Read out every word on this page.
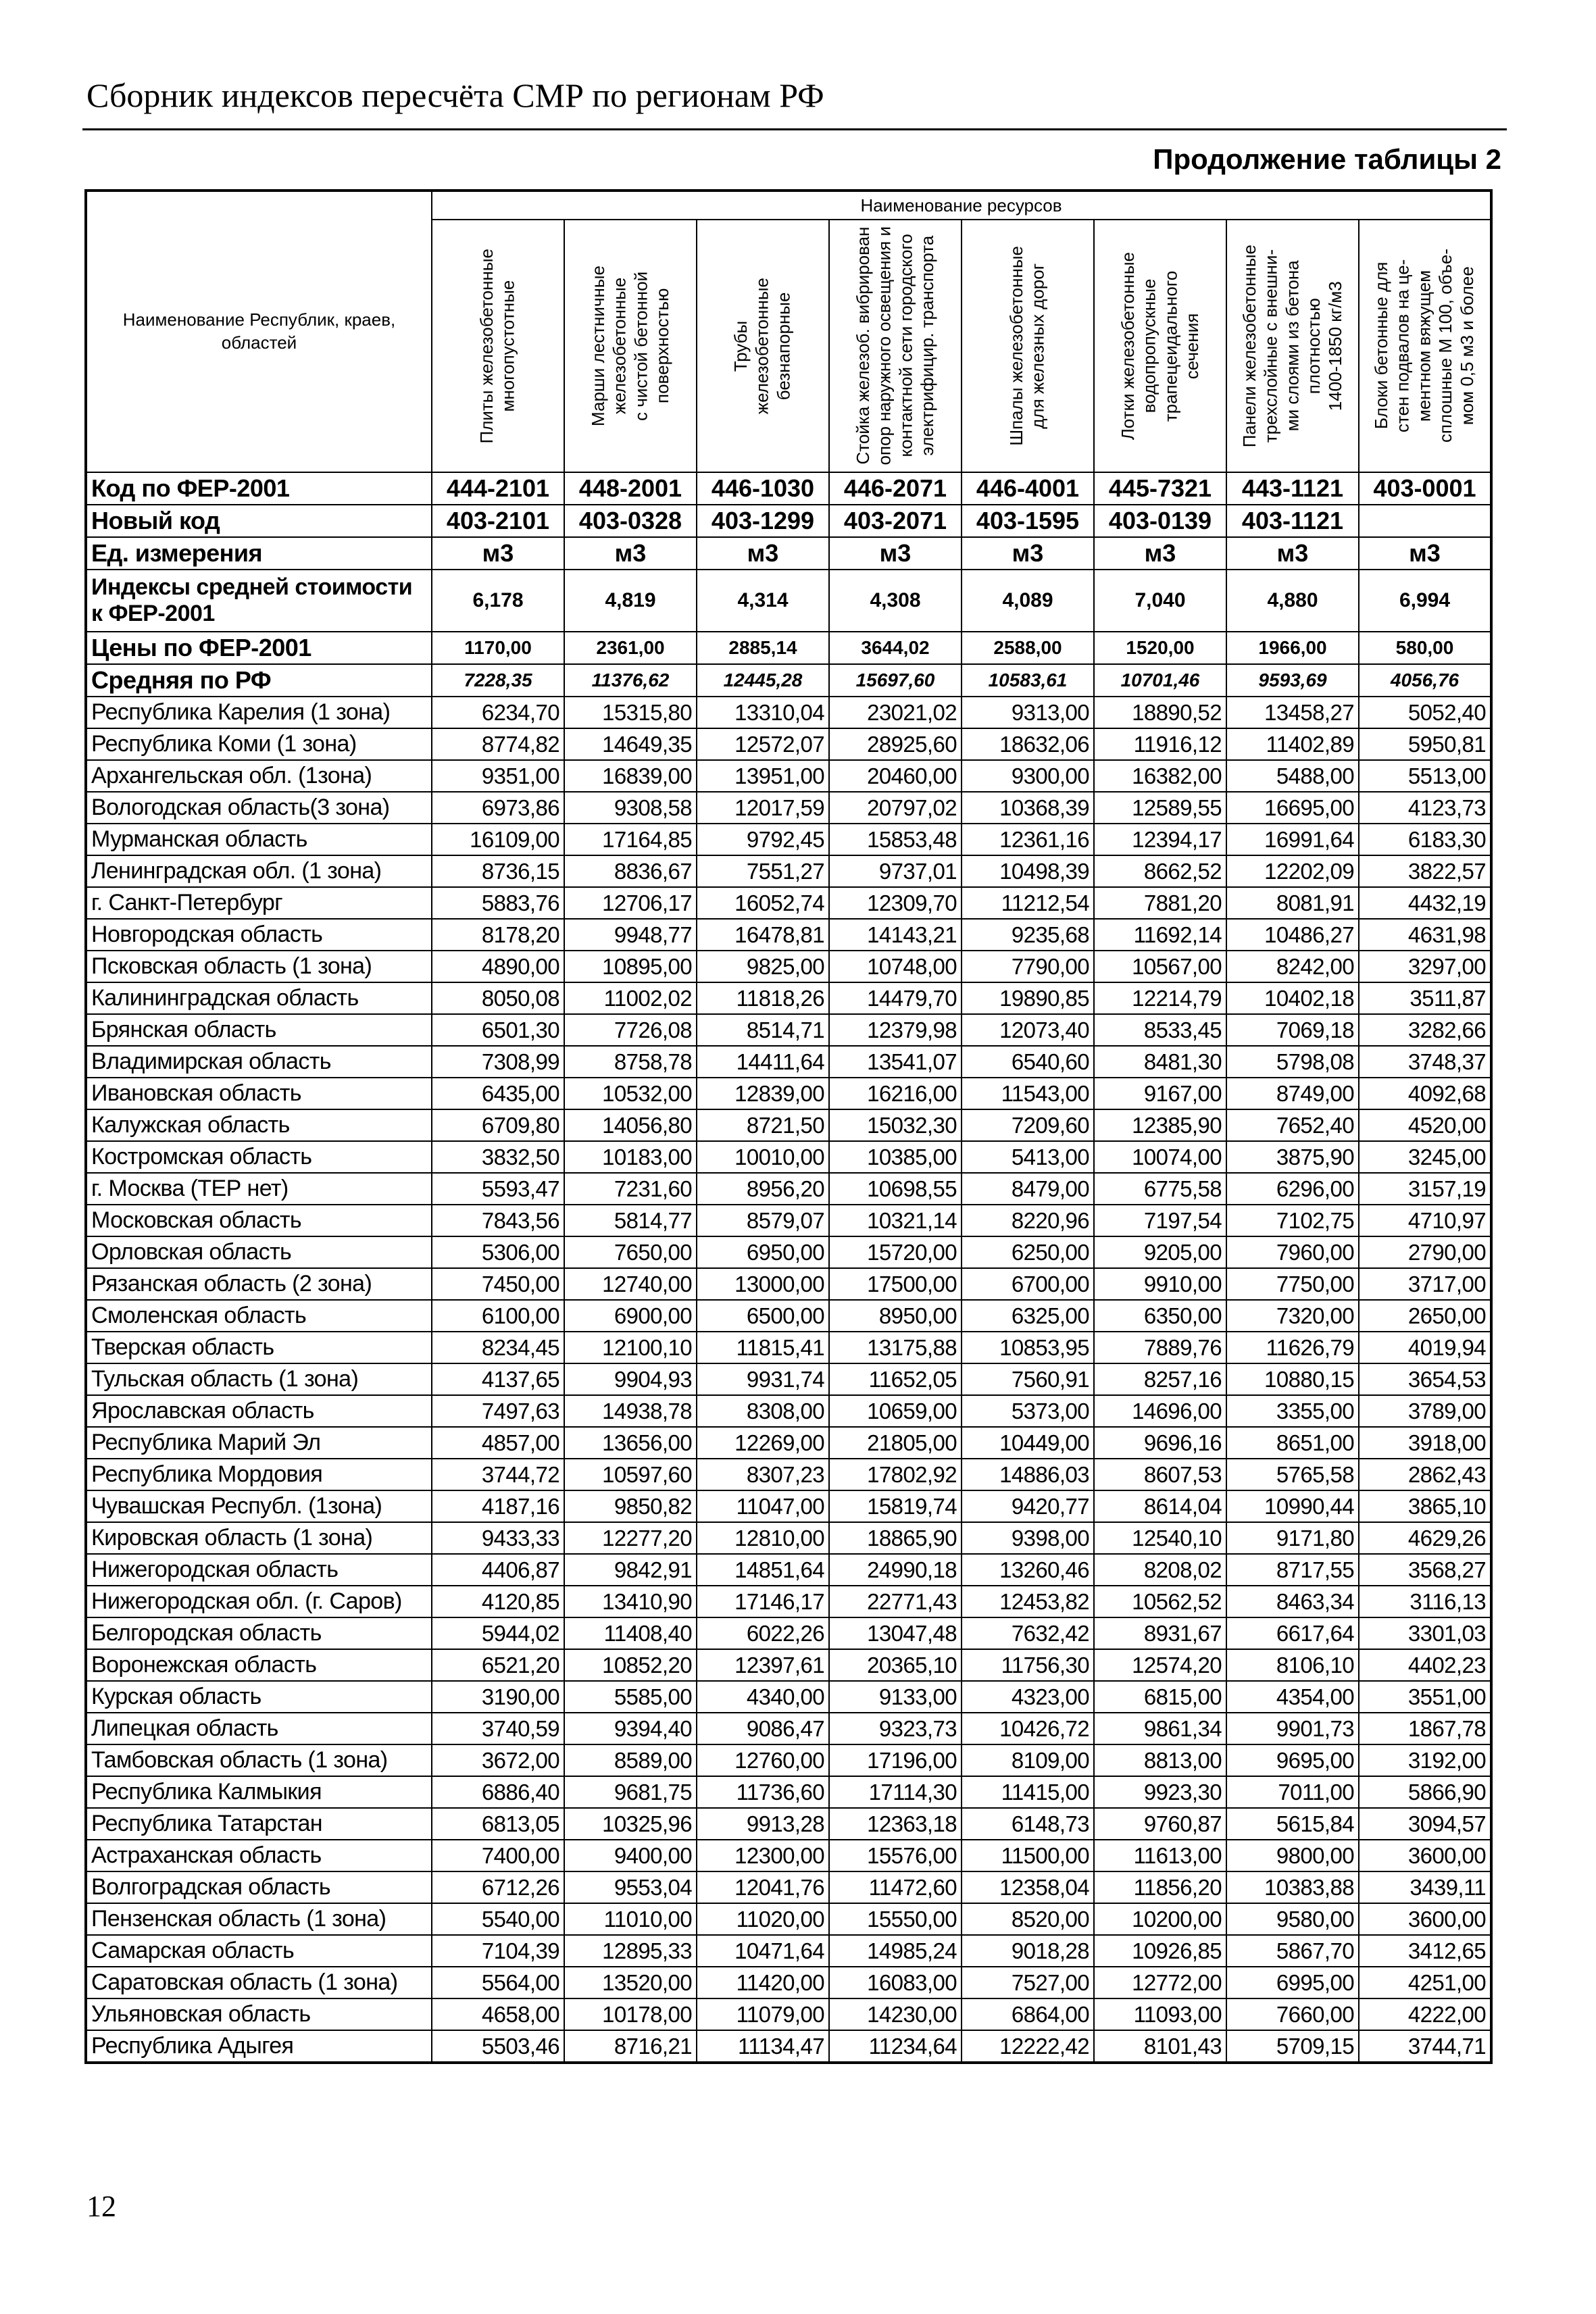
Сборник индексов пересчёта СМР по регионам РФ
Продолжение таблицы 2
Наименование Республик, краев, областей	Наименование ресурсов							

	Плиты железобетонные
многопустотные	Марши лестничные
железобетонные
с чистой бетонной
поверхностью	Трубы
железобетонные
безнапорные	Стойка железоб. вибрирован
опор наружного освещения и
контактной сети городского
электрифицир. транспорта	Шпалы железобетонные
для железных дорог	Лотки железобетонные
водопропускные
трапецеидального
сечения	Панели железобетонные
трехслойные с внешни-
ми слоями из бетона
плотностью
1400-1850 кг/м3	Блоки бетонные для
стен подвалов на це-
ментном вяжущем
сплошные М 100, объе-
мом 0,5 м3 и более

Код по ФЕР-2001	444-2101	448-2001	446-1030	446-2071	446-4001	445-7321	443-1121	403-0001
Новый код	403-2101	403-0328	403-1299	403-2071	403-1595	403-0139	403-1121	
Ед. измерения	м3	м3	м3	м3	м3	м3	м3	м3
Индексы средней стоимости к ФЕР-2001	6,178	4,819	4,314	4,308	4,089	7,040	4,880	6,994
Цены по ФЕР-2001	1170,00	2361,00	2885,14	3644,02	2588,00	1520,00	1966,00	580,00
Средняя по РФ	7228,35	11376,62	12445,28	15697,60	10583,61	10701,46	9593,69	4056,76
Республика Карелия (1 зона)	6234,70	15315,80	13310,04	23021,02	9313,00	18890,52	13458,27	5052,40
Республика Коми (1 зона)	8774,82	14649,35	12572,07	28925,60	18632,06	11916,12	11402,89	5950,81
Архангельская обл. (1зона)	9351,00	16839,00	13951,00	20460,00	9300,00	16382,00	5488,00	5513,00
Вологодская область(3 зона)	6973,86	9308,58	12017,59	20797,02	10368,39	12589,55	16695,00	4123,73
Мурманская область	16109,00	17164,85	9792,45	15853,48	12361,16	12394,17	16991,64	6183,30
Ленинградская обл. (1 зона)	8736,15	8836,67	7551,27	9737,01	10498,39	8662,52	12202,09	3822,57
г. Санкт-Петербург	5883,76	12706,17	16052,74	12309,70	11212,54	7881,20	8081,91	4432,19
Новгородская область	8178,20	9948,77	16478,81	14143,21	9235,68	11692,14	10486,27	4631,98
Псковская область (1 зона)	4890,00	10895,00	9825,00	10748,00	7790,00	10567,00	8242,00	3297,00
Калининградская область	8050,08	11002,02	11818,26	14479,70	19890,85	12214,79	10402,18	3511,87
Брянская область	6501,30	7726,08	8514,71	12379,98	12073,40	8533,45	7069,18	3282,66
Владимирская область	7308,99	8758,78	14411,64	13541,07	6540,60	8481,30	5798,08	3748,37
Ивановская область	6435,00	10532,00	12839,00	16216,00	11543,00	9167,00	8749,00	4092,68
Калужская область	6709,80	14056,80	8721,50	15032,30	7209,60	12385,90	7652,40	4520,00
Костромская область	3832,50	10183,00	10010,00	10385,00	5413,00	10074,00	3875,90	3245,00
г. Москва (ТЕР нет)	5593,47	7231,60	8956,20	10698,55	8479,00	6775,58	6296,00	3157,19
Московская область	7843,56	5814,77	8579,07	10321,14	8220,96	7197,54	7102,75	4710,97
Орловская область	5306,00	7650,00	6950,00	15720,00	6250,00	9205,00	7960,00	2790,00
Рязанская область (2 зона)	7450,00	12740,00	13000,00	17500,00	6700,00	9910,00	7750,00	3717,00
Смоленская область	6100,00	6900,00	6500,00	8950,00	6325,00	6350,00	7320,00	2650,00
Тверская область	8234,45	12100,10	11815,41	13175,88	10853,95	7889,76	11626,79	4019,94
Тульская область (1 зона)	4137,65	9904,93	9931,74	11652,05	7560,91	8257,16	10880,15	3654,53
Ярославская область	7497,63	14938,78	8308,00	10659,00	5373,00	14696,00	3355,00	3789,00
Республика Марий Эл	4857,00	13656,00	12269,00	21805,00	10449,00	9696,16	8651,00	3918,00
Республика Мордовия	3744,72	10597,60	8307,23	17802,92	14886,03	8607,53	5765,58	2862,43
Чувашская Республ. (1зона)	4187,16	9850,82	11047,00	15819,74	9420,77	8614,04	10990,44	3865,10
Кировская область (1 зона)	9433,33	12277,20	12810,00	18865,90	9398,00	12540,10	9171,80	4629,26
Нижегородская область	4406,87	9842,91	14851,64	24990,18	13260,46	8208,02	8717,55	3568,27
Нижегородская обл. (г. Саров)	4120,85	13410,90	17146,17	22771,43	12453,82	10562,52	8463,34	3116,13
Белгородская область	5944,02	11408,40	6022,26	13047,48	7632,42	8931,67	6617,64	3301,03
Воронежская область	6521,20	10852,20	12397,61	20365,10	11756,30	12574,20	8106,10	4402,23
Курская область	3190,00	5585,00	4340,00	9133,00	4323,00	6815,00	4354,00	3551,00
Липецкая область	3740,59	9394,40	9086,47	9323,73	10426,72	9861,34	9901,73	1867,78
Тамбовская область (1 зона)	3672,00	8589,00	12760,00	17196,00	8109,00	8813,00	9695,00	3192,00
Республика Калмыкия	6886,40	9681,75	11736,60	17114,30	11415,00	9923,30	7011,00	5866,90
Республика Татарстан	6813,05	10325,96	9913,28	12363,18	6148,73	9760,87	5615,84	3094,57
Астраханская область	7400,00	9400,00	12300,00	15576,00	11500,00	11613,00	9800,00	3600,00
Волгоградская область	6712,26	9553,04	12041,76	11472,60	12358,04	11856,20	10383,88	3439,11
Пензенская область (1 зона)	5540,00	11010,00	11020,00	15550,00	8520,00	10200,00	9580,00	3600,00
Самарская область	7104,39	12895,33	10471,64	14985,24	9018,28	10926,85	5867,70	3412,65
Саратовская область (1 зона)	5564,00	13520,00	11420,00	16083,00	7527,00	12772,00	6995,00	4251,00
Ульяновская область	4658,00	10178,00	11079,00	14230,00	6864,00	11093,00	7660,00	4222,00
Республика Адыгея	5503,46	8716,21	11134,47	11234,64	12222,42	8101,43	5709,15	3744,71
12
